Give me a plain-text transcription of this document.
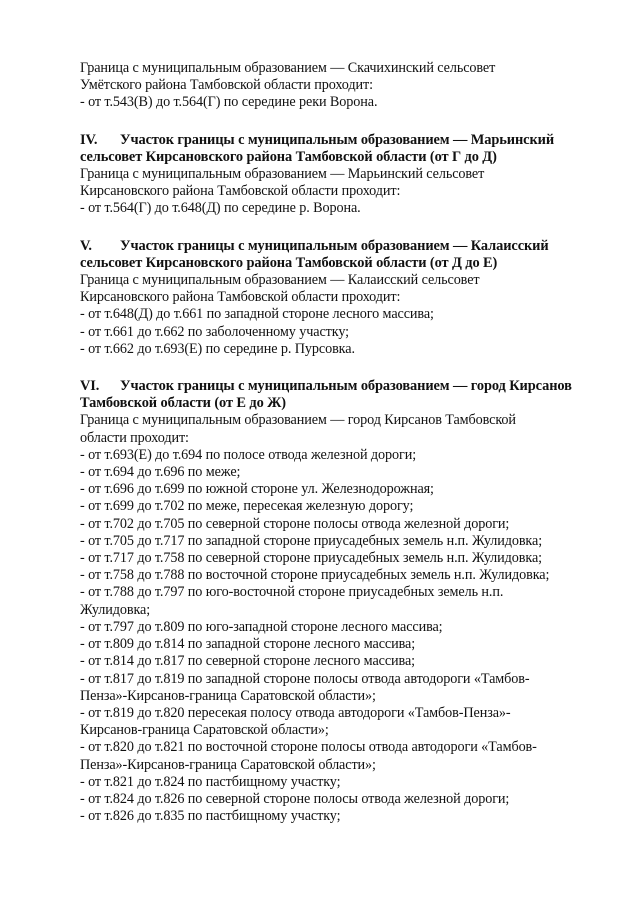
Граница с муниципальным образованием — Скачихинский сельсовет

Умётского района Тамбовской области проходит:

- от т.543(В) до т.564(Г) по середине реки Ворона.

IV. Участок границы с муниципальным образованием — Марьинский
сельсовет Кирсановского района Тамбовской области (от Г до Д)

Граница с муниципальным образованием — Марьинский сельсовет

Кирсановского района Тамбовской области проходит:

- от т.564(Г) до т.648(Д) по середине р. Ворона.

V. Участок границы с муниципальным образованием — Калаисский
сельсовет Кирсановского района Тамбовской области (от Д до Е)

Граница с муниципальным образованием — Калаисский сельсовет

Кирсановского района Тамбовской области проходит:

- от т.648(Д) до т.661 по западной стороне лесного массива;

- от т.661 до т.662 по заболоченному участку;

- от т.662 до т.693(Е) по середине р. Пурсовка.

VI. Участок границы с муниципальным образованием — город Кирсанов
Тамбовской области (от Е до Ж)

Граница с муниципальным образованием — город Кирсанов Тамбовской

области проходит:

- от т.693(Е) до т.694 по полосе отвода железной дороги;

- от т.694 до т.696 по меже;

- от т.696 до т.699 по южной стороне ул. Железнодорожная;

- от т.699 до т.702 по меже, пересекая железную дорогу;

- от т.702 до т.705 по северной стороне полосы отвода железной дороги;

- от т.705 до т.717 по западной стороне приусадебных земель н.п. Жулидовка;

- от т.717 до т.758 по северной стороне приусадебных земель н.п. Жулидовка;

- от т.758 до т.788 по восточной стороне приусадебных земель н.п. Жулидовка;

- от т.788 до т.797 по юго-восточной стороне приусадебных земель н.п.

Жулидовка;

- от т.797 до т.809 по юго-западной стороне лесного массива;

- от т.809 до т.814 по западной стороне лесного массива;

- от т.814 до т.817 по северной стороне лесного массива;

- от т.817 до т.819 по западной стороне полосы отвода автодороги «Тамбов-

Пенза»-Кирсанов-граница Саратовской области»;

- от т.819 до т.820 пересекая полосу отвода автодороги «Тамбов-Пенза»-

Кирсанов-граница Саратовской области»;

- от т.820 до т.821 по восточной стороне полосы отвода автодороги «Тамбов-

Пенза»-Кирсанов-граница Саратовской области»;

- от т.821 до т.824 по пастбищному участку;

- от т.824 до т.826 по северной стороне полосы отвода железной дороги;

- от т.826 до т.835 по пастбищному участку;
